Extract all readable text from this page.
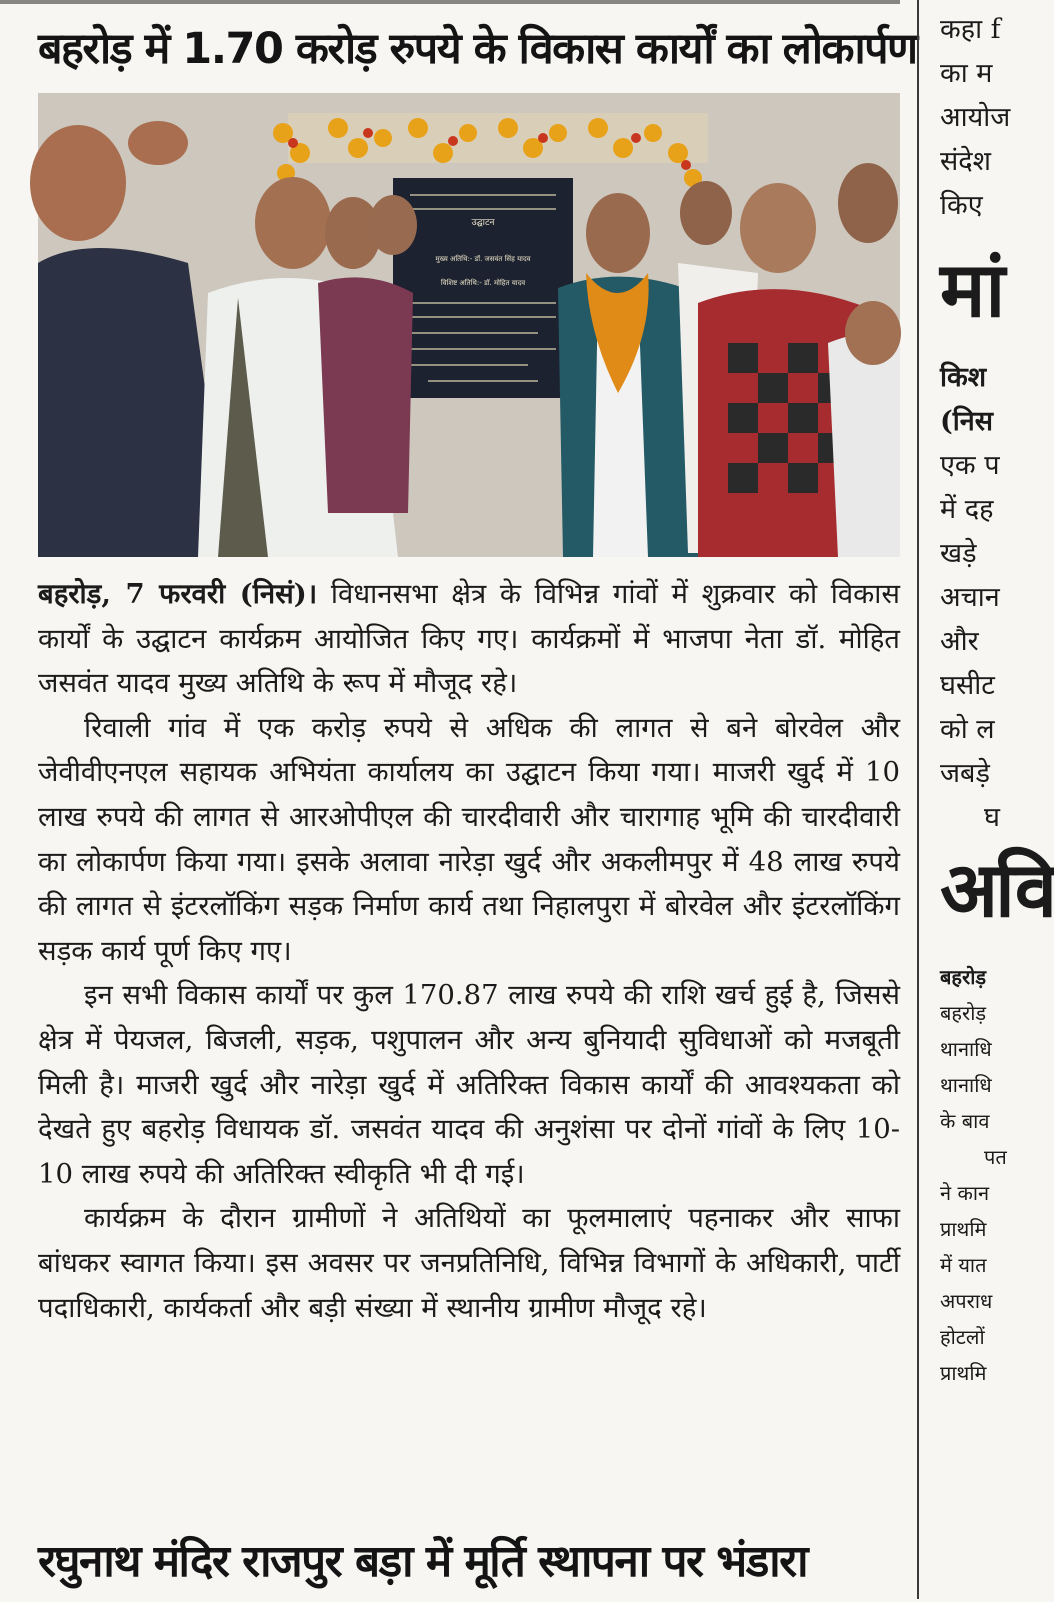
बहरोड़ में 1.70 करोड़ रुपये के विकास कार्यों का लोकार्पण
उद्घाटन
मुख्य अतिथि:- डॉ. जसवंत सिंह यादव
विशिष्ट अतिथि:- डॉ. मोहित यादव

बहरोड़, 7 फरवरी (निसं)। विधानसभा क्षेत्र के विभिन्न गांवों में शुक्रवार को विकास कार्यों के उद्घाटन कार्यक्रम आयोजित किए गए। कार्यक्रमों में भाजपा नेता डॉ. मोहित जसवंत यादव मुख्य अतिथि के रूप में मौजूद रहे।

रिवाली गांव में एक करोड़ रुपये से अधिक की लागत से बने बोरवेल और जेवीवीएनएल सहायक अभियंता कार्यालय का उद्घाटन किया गया। माजरी खुर्द में 10 लाख रुपये की लागत से आरओपीएल की चारदीवारी और चारागाह भूमि की चारदीवारी का लोकार्पण किया गया। इसके अलावा नारेड़ा खुर्द और अकलीमपुर में 48 लाख रुपये की लागत से इंटरलॉकिंग सड़क निर्माण कार्य तथा निहालपुरा में बोरवेल और इंटरलॉकिंग सड़क कार्य पूर्ण किए गए।

इन सभी विकास कार्यों पर कुल 170.87 लाख रुपये की राशि खर्च हुई है, जिससे क्षेत्र में पेयजल, बिजली, सड़क, पशुपालन और अन्य बुनियादी सुविधाओं को मजबूती मिली है। माजरी खुर्द और नारेड़ा खुर्द में अतिरिक्त विकास कार्यों की आवश्यकता को देखते हुए बहरोड़ विधायक डॉ. जसवंत यादव की अनुशंसा पर दोनों गांवों के लिए 10-10 लाख रुपये की अतिरिक्त स्वीकृति भी दी गई।

कार्यक्रम के दौरान ग्रामीणों ने अतिथियों का फूलमालाएं पहनाकर और साफा बांधकर स्वागत किया। इस अवसर पर जनप्रतिनिधि, विभिन्न विभागों के अधिकारी, पार्टी पदाधिकारी, कार्यकर्ता और बड़ी संख्या में स्थानीय ग्रामीण मौजूद रहे।

रघुनाथ मंदिर राजपुर बड़ा में मूर्ति स्थापना पर भंडारा
कहा f
का म
आयोज
संदेश
किए
मां
किश
(निस
एक प
में दह
खड़े
अचान
और
घसीट
को ल
जबड़े
घ
अवि
बहरोड़
बहरोड़
थानाधि
थानाधि
के बाव
पत
ने कान
प्राथमि
में यात
अपराध
होटलों
प्राथमि
